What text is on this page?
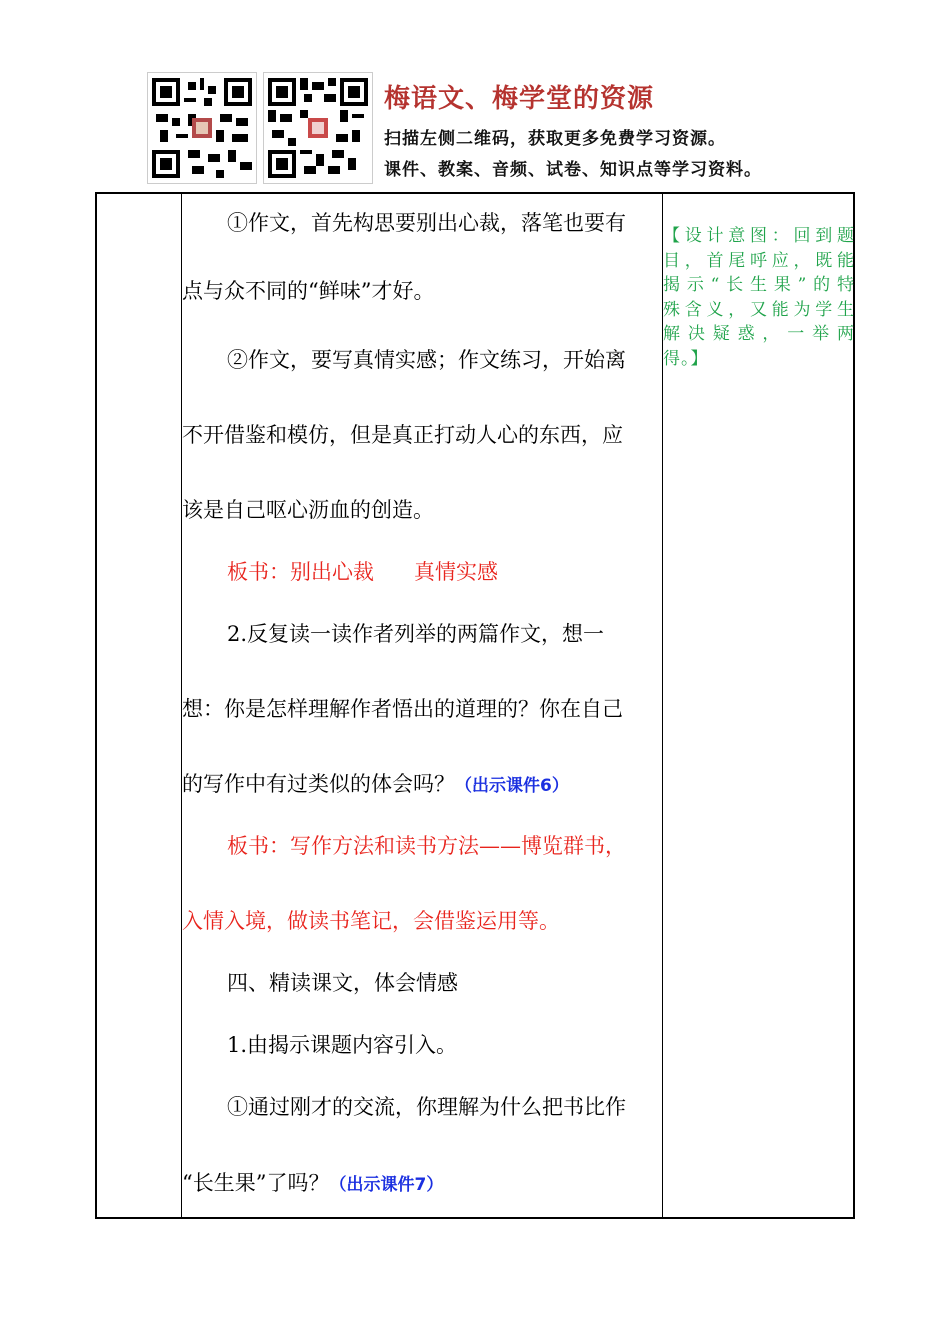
梅语文、梅学堂的资源
扫描左侧二维码，获取更多免费学习资源。
课件、教案、音频、试卷、知识点等学习资料。
①作文，首先构思要别出心裁，落笔也要有
点与众不同的“鲜味”才好。
②作文，要写真情实感；作文练习，开始离
不开借鉴和模仿，但是真正打动人心的东西，应
该是自己呕心沥血的创造。
板书：别出心裁      真情实感
2.反复读一读作者列举的两篇作文，想一
想：你是怎样理解作者悟出的道理的？你在自己
的写作中有过类似的体会吗？（出示课件6）
板书：写作方法和读书方法——博览群书，
入情入境，做读书笔记，会借鉴运用等。
四、精读课文，体会情感
1.由揭示课题内容引入。
①通过刚才的交流，你理解为什么把书比作
“长生果”了吗？（出示课件7）
【设计意图：回到题
目，首尾呼应，既能
揭示“长生果”的特
殊含义，又能为学生
解决疑惑，一举两
得。】
